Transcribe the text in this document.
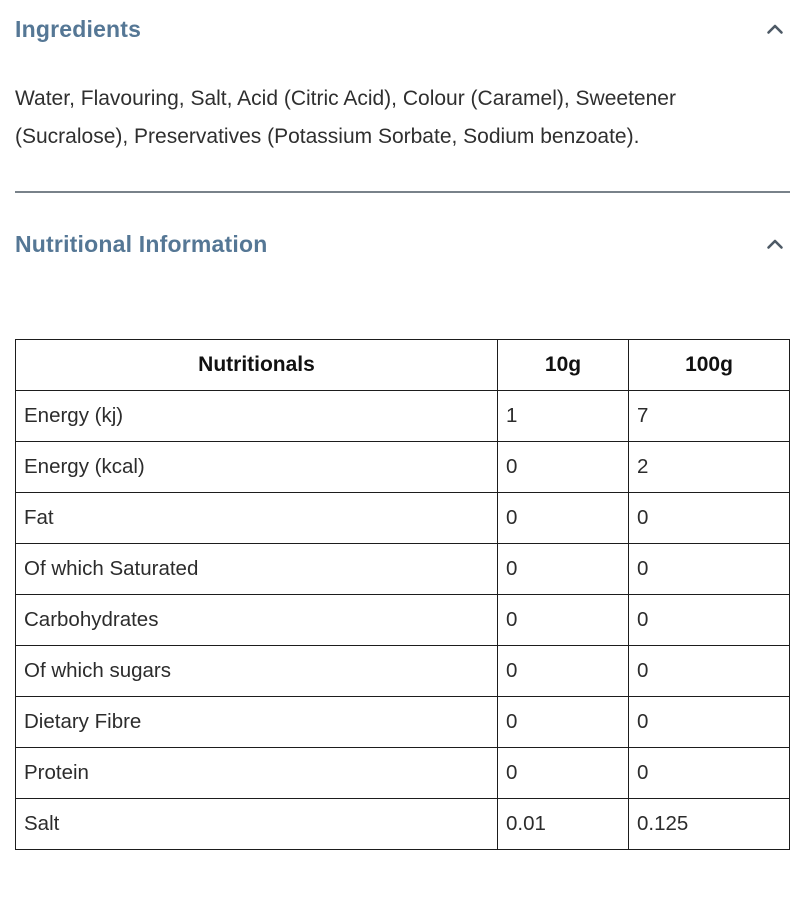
Ingredients

Water, Flavouring, Salt, Acid (Citric Acid), Colour (Caramel), Sweetener (Sucralose), Preservatives (Potassium Sorbate, Sodium benzoate).

Nutritional Information
Nutritionals	10g	100g
Energy (kj)	1	7
Energy (kcal)	0	2
Fat	0	0
Of which Saturated	0	0
Carbohydrates	0	0
Of which sugars	0	0
Dietary Fibre	0	0
Protein	0	0
Salt	0.01	0.125
